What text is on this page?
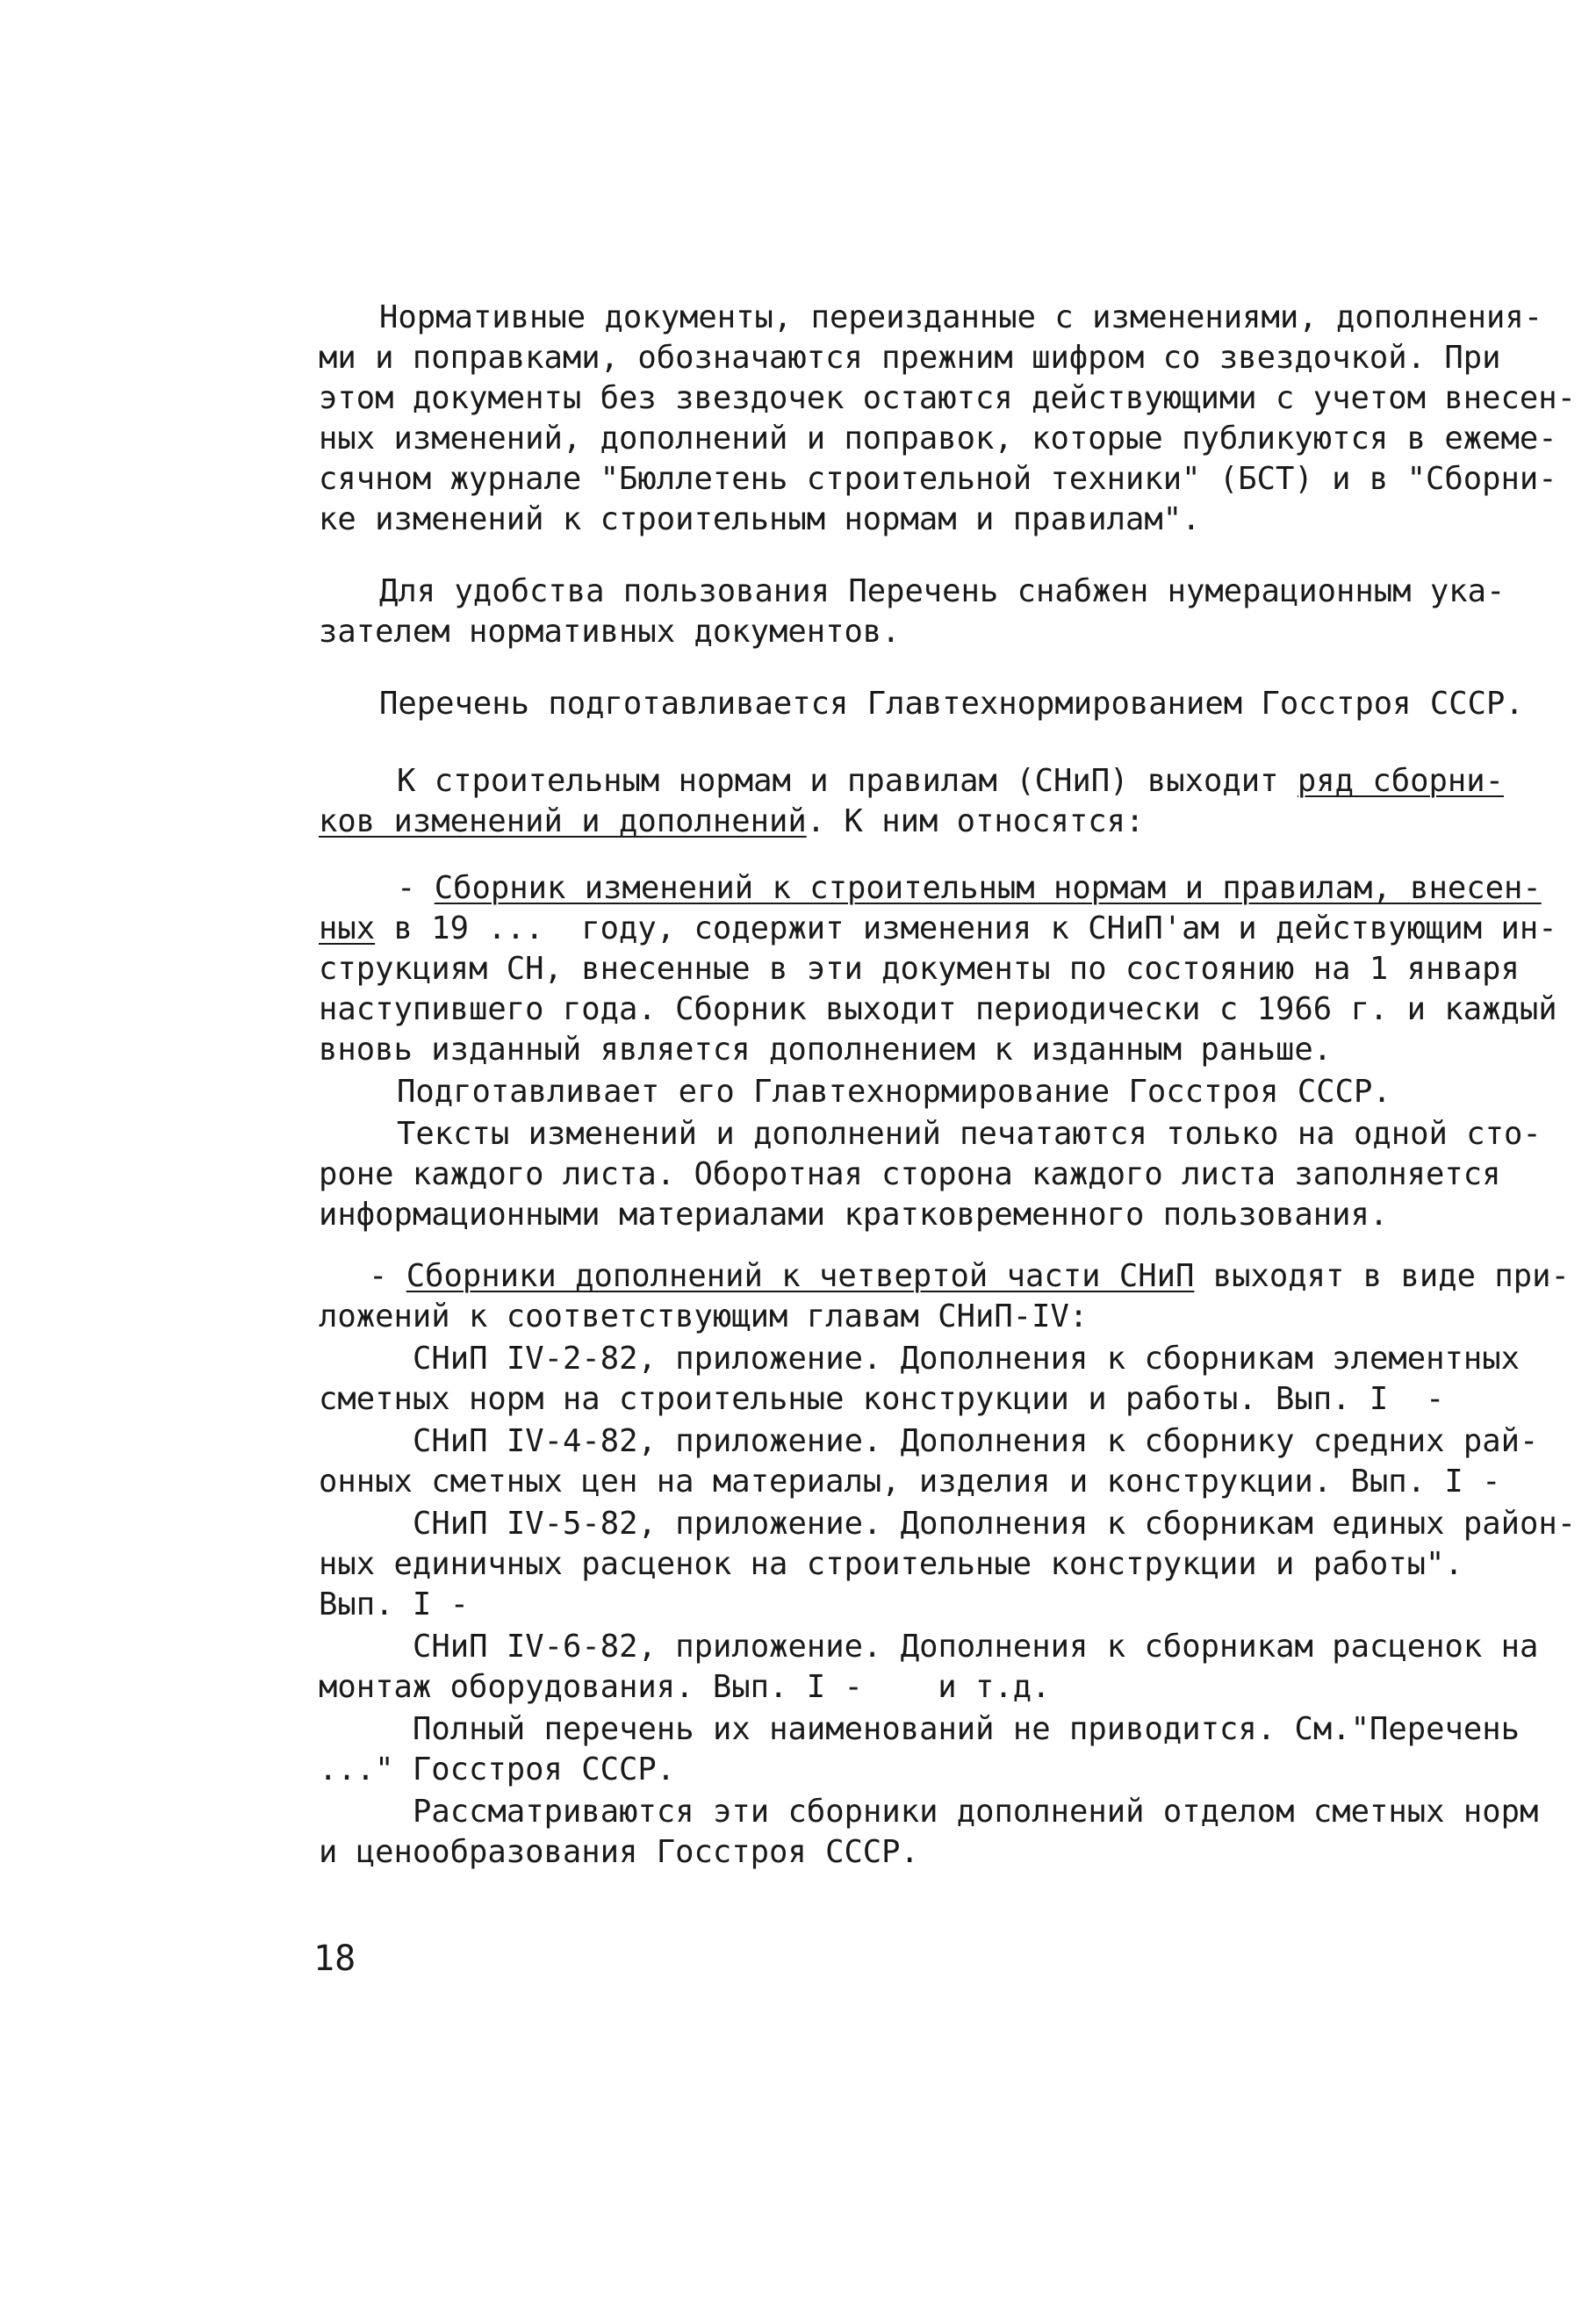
Нормативные документы, переизданные с изменениями, дополнения-
ми и поправками, обозначаются прежним шифром со звездочкой. При
этом документы без звездочек остаются действующими с учетом внесен-
ных изменений, дополнений и поправок, которые публикуются в ежеме-
сячном журнале "Бюллетень строительной техники" (БСТ) и в "Сборни-
ке изменений к строительным нормам и правилам".
Для удобства пользования Перечень снабжен нумерационным ука-
зателем нормативных документов.
Перечень подготавливается Главтехнормированием Госстроя СССР.
К строительным нормам и правилам (СНиП) выходит ряд сборни-
ков изменений и дополнений. К ним относятся:
- Сборник изменений к строительным нормам и правилам, внесен-
ных в 19 ...  году, содержит изменения к СНиП'ам и действующим ин-
струкциям СН, внесенные в эти документы по состоянию на 1 января
наступившего года. Сборник выходит периодически с 1966 г. и каждый
вновь изданный является дополнением к изданным раньше.
Подготавливает его Главтехнормирование Госстроя СССР.
Тексты изменений и дополнений печатаются только на одной сто-
роне каждого листа. Оборотная сторона каждого листа заполняется
информационными материалами кратковременного пользования.
- Сборники дополнений к четвертой части СНиП выходят в виде при-
ложений к соответствующим главам СНиП-IV:
СНиП IV-2-82, приложение. Дополнения к сборникам элементных
сметных норм на строительные конструкции и работы. Вып. I  -
СНиП IV-4-82, приложение. Дополнения к сборнику средних рай-
онных сметных цен на материалы, изделия и конструкции. Вып. I -
СНиП IV-5-82, приложение. Дополнения к сборникам единых район-
ных единичных расценок на строительные конструкции и работы".
Вып. I -
СНиП IV-6-82, приложение. Дополнения к сборникам расценок на
монтаж оборудования. Вып. I -    и т.д.
Полный перечень их наименований не приводится. См."Перечень
..." Госстроя СССР.
Рассматриваются эти сборники дополнений отделом сметных норм
и ценообразования Госстроя СССР.
18
